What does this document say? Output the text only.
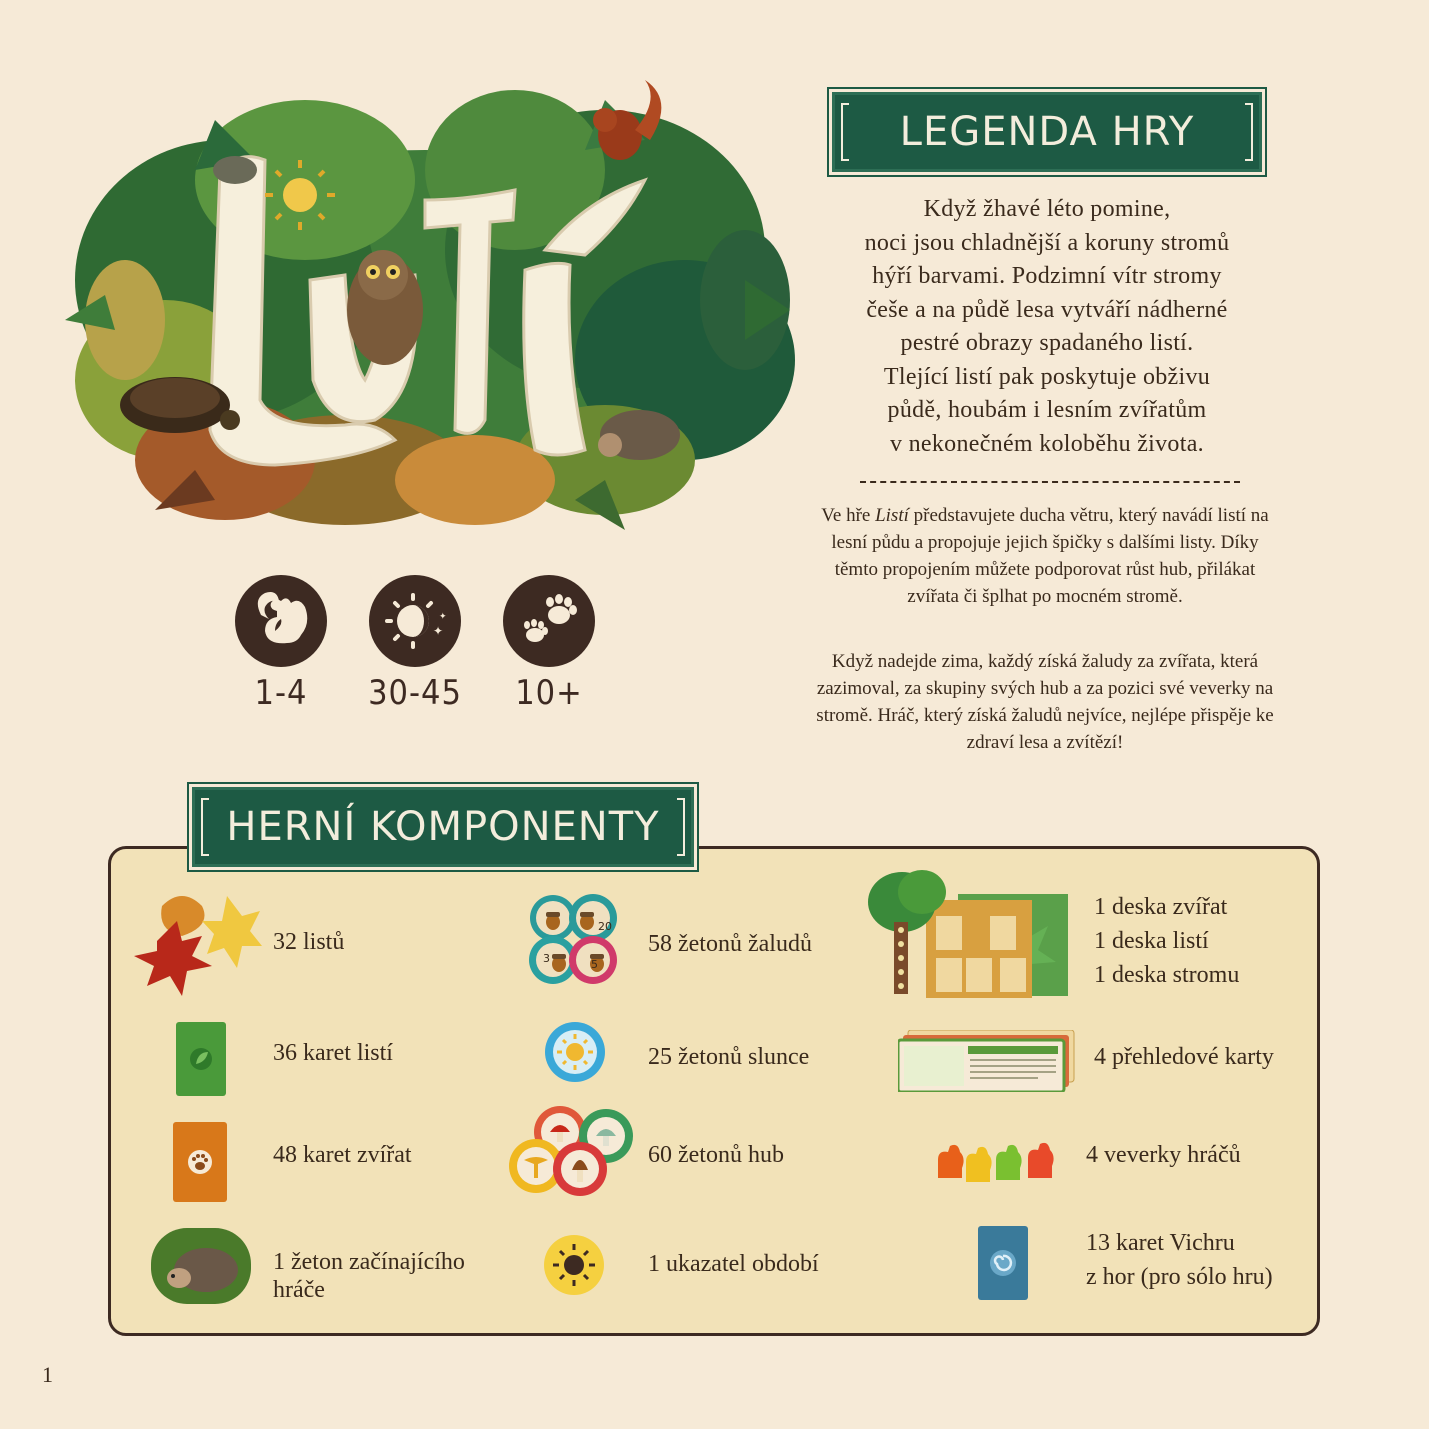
1-4
✦
✦
30-45	10+
LEGENDA HRY
Když žhavé léto pomine,
noci jsou chladnější a koruny stromů
hýří barvami. Podzimní vítr stromy
češe a na půdě lesa vytváří nádherné
pestré obrazy spadaného listí.
Tlející listí pak poskytuje obživu
půdě, houbám i lesním zvířatům
v nekonečném koloběhu života.
Ve hře Listí představujete ducha větru, který navádí listí na lesní půdu a propojuje jejich špičky s dalšími listy. Díky těmto propojením můžete podporovat růst hub, přilákat zvířata či šplhat po mocném stromě.
Když nadejde zima, každý získá žaludy za zvířata, která zazimoval, za skupiny svých hub a za pozici své veverky na stromě. Hráč, který získá žaludů nejvíce, nejlépe přispěje ke zdraví lesa a zvítězí!
HERNÍ KOMPONENTY
32 listů
36 karet listí
48 karet zvířat
1 žeton začínajícího
hráče
20
3	5
58 žetonů žaludů
25 žetonů slunce
60 žetonů hub
1 ukazatel období
1 deska zvířat
1 deska listí
1 deska stromu
4 přehledové karty
4 veverky hráčů
13 karet Vichru
z hor (pro sólo hru)
1
